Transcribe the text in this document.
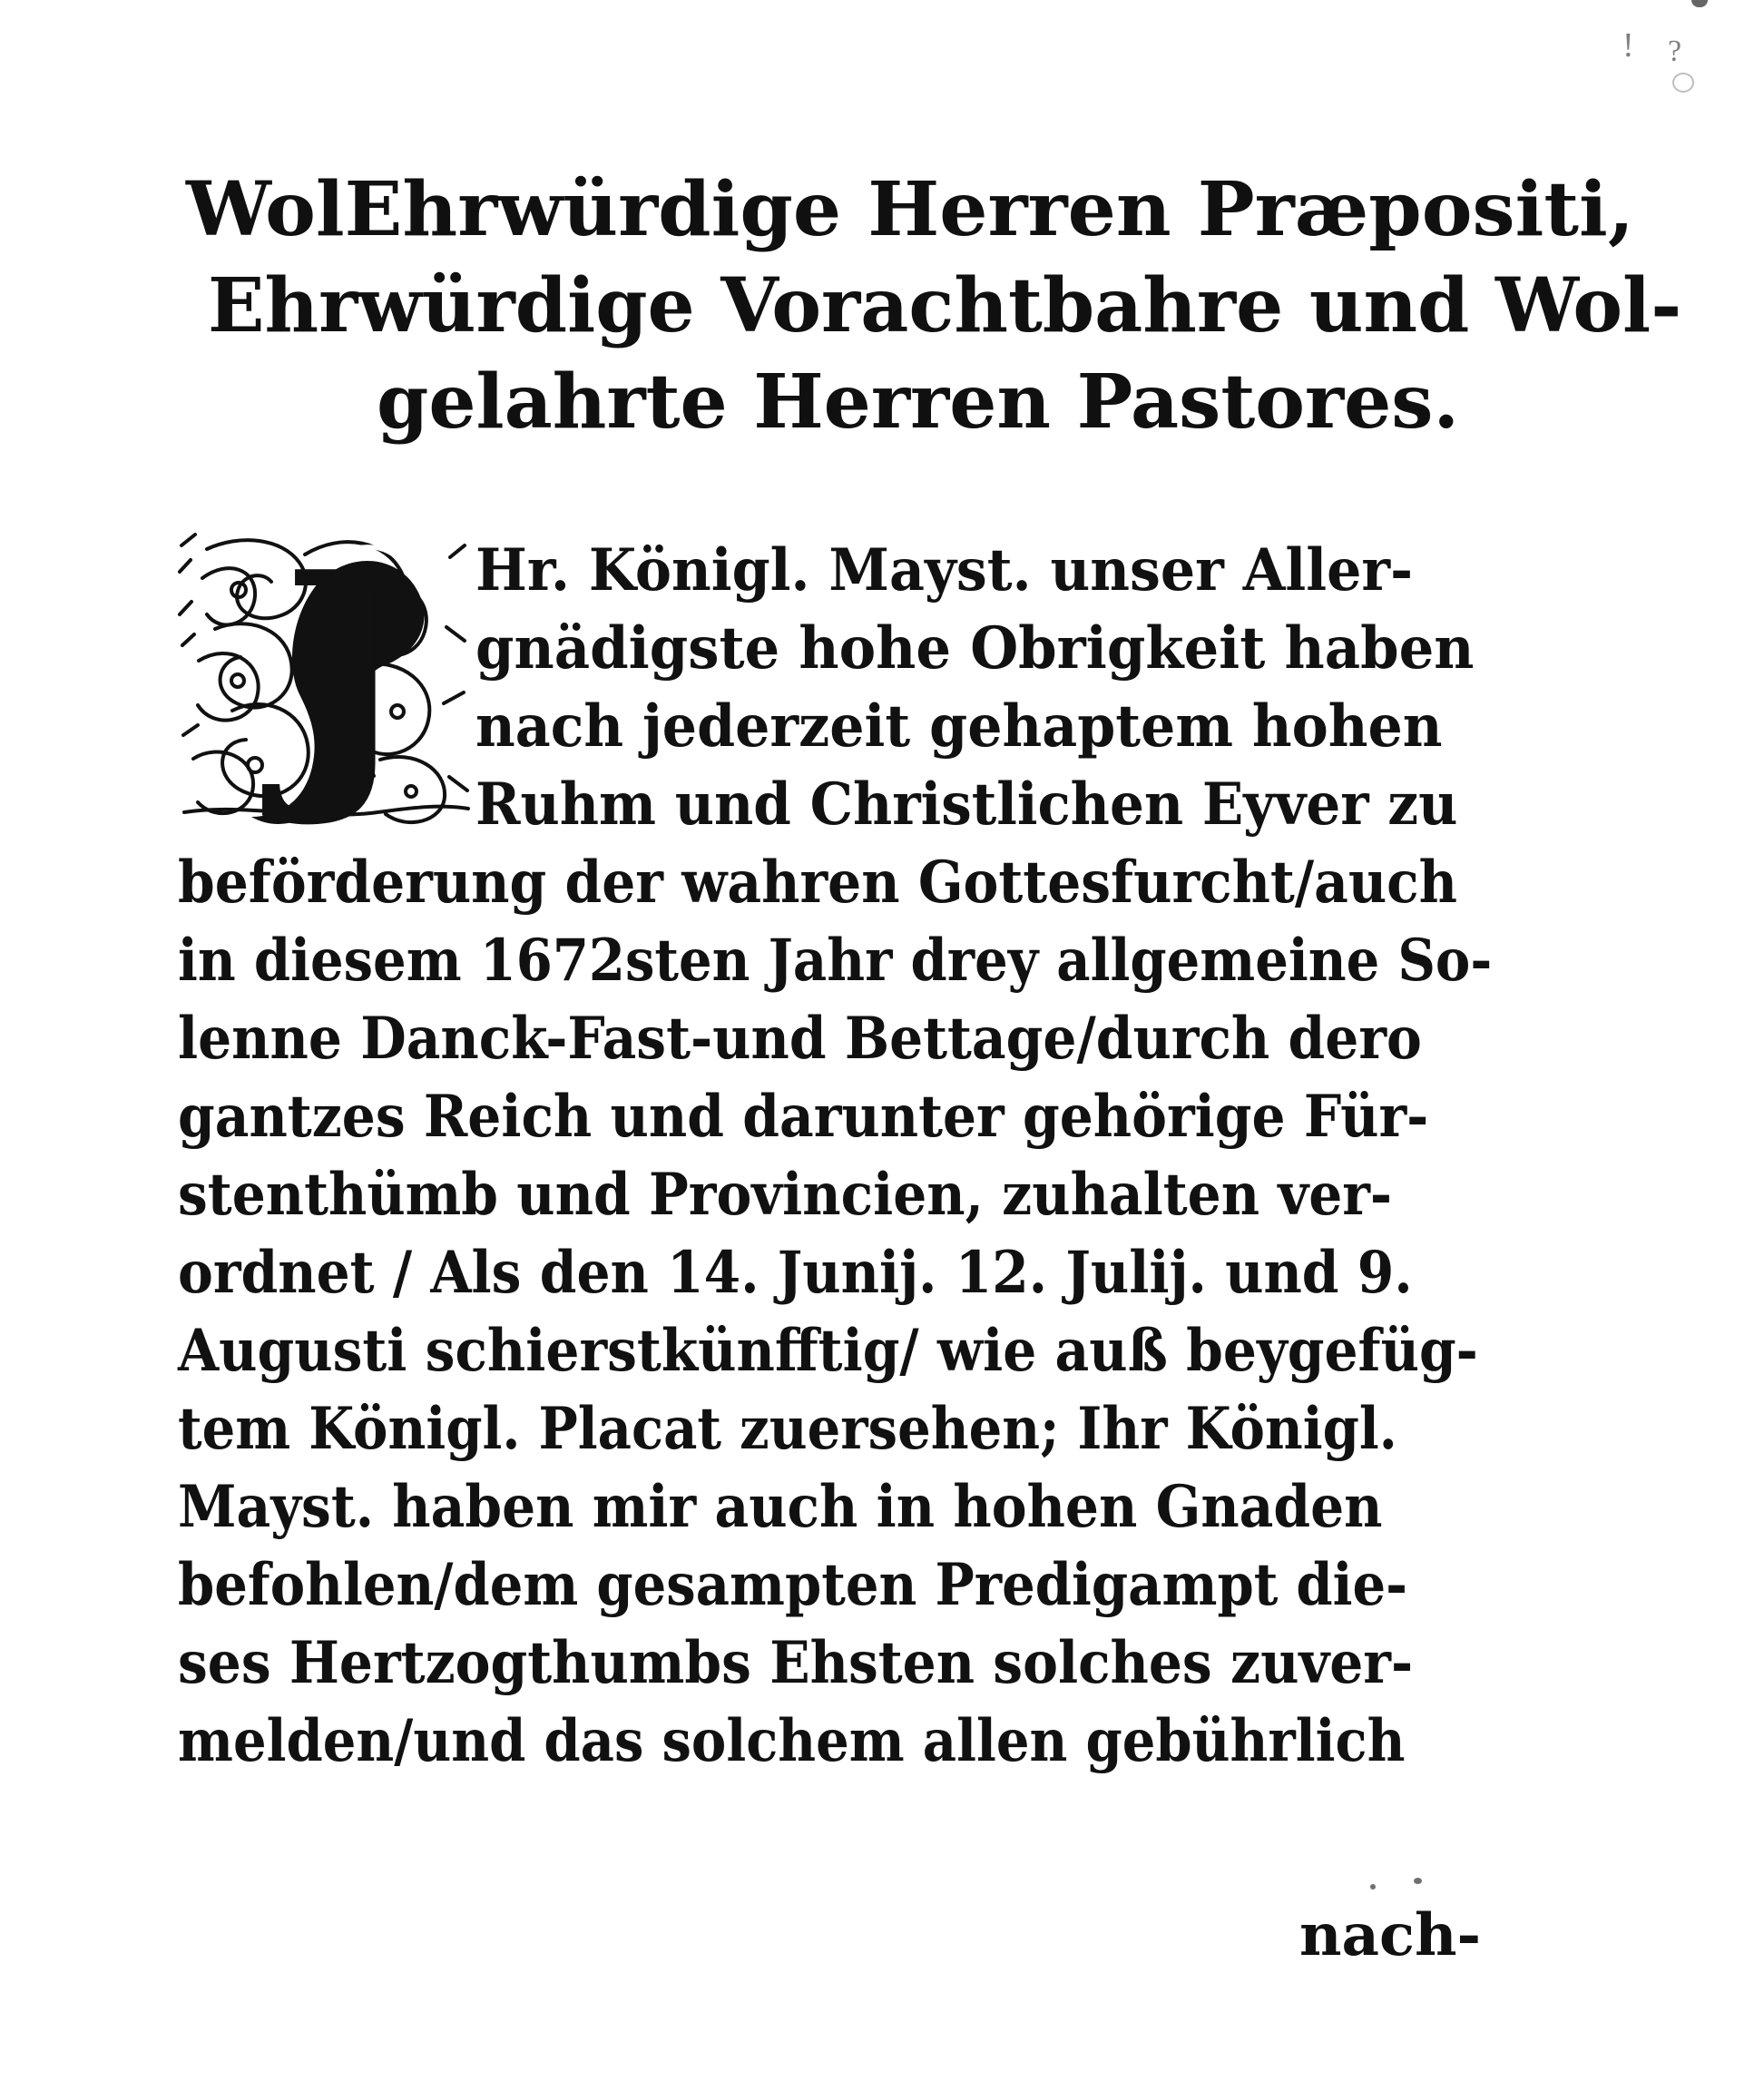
! ?
WolEhrwürdige Herren Præpositi,
Ehrwürdige Vorachtbahre und Wol-
gelahrte Herren Pastores.
J Hr. Königl. Mayst. unser Aller-
gnädigste hohe Obrigkeit haben
nach jederzeit gehaptem hohen
Ruhm und Christlichen Eyver zu
beförderung der wahren Gottesfurcht/auch
in diesem 1672sten Jahr drey allgemeine So-
lenne Danck-Fast-und Bettage/durch dero
gantzes Reich und darunter gehörige Für-
stenthümb und Provincien, zuhalten ver-
ordnet / Als den 14. Junij. 12. Julij. und 9.
Augusti schierstkünfftig/ wie auß beygefüg-
tem Königl. Placat zuersehen; Ihr Königl.
Mayst. haben mir auch in hohen Gnaden
befohlen/dem gesampten Predigampt die-
ses Hertzogthumbs Ehsten solches zuver-
melden/und das solchem allen gebührlich
nach-
